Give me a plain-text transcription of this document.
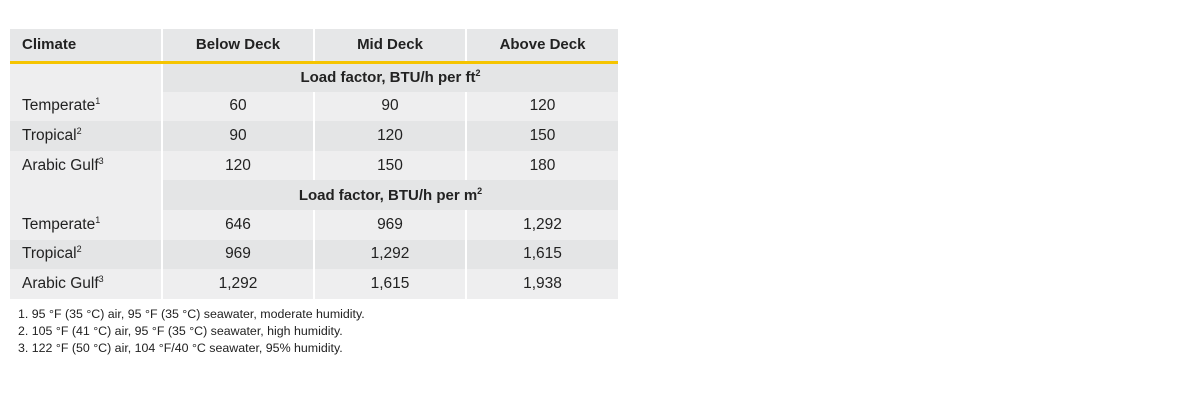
Climate	Below Deck	Mid Deck	Above Deck
	Load factor, BTU/h per $ft^2$
Temperate$^1$	60	90	120
Tropical$^2$	90	120	150
Arabic Gulf$^3$	120	150	180
	Load factor, BTU/h per $m^2$
Temperate$^1$	646	969	1,292
Tropical$^2$	969	1,292	1,615
Arabic Gulf$^3$	1,292	1,615	1,938
1. 95 °F (35 °C) air, 95 °F (35 °C) seawater, moderate humidity.
2. 105 °F (41 °C) air, 95 °F (35 °C) seawater, high humidity.
3. 122 °F (50 °C) air, 104 °F/40 °C seawater, 95% humidity.
